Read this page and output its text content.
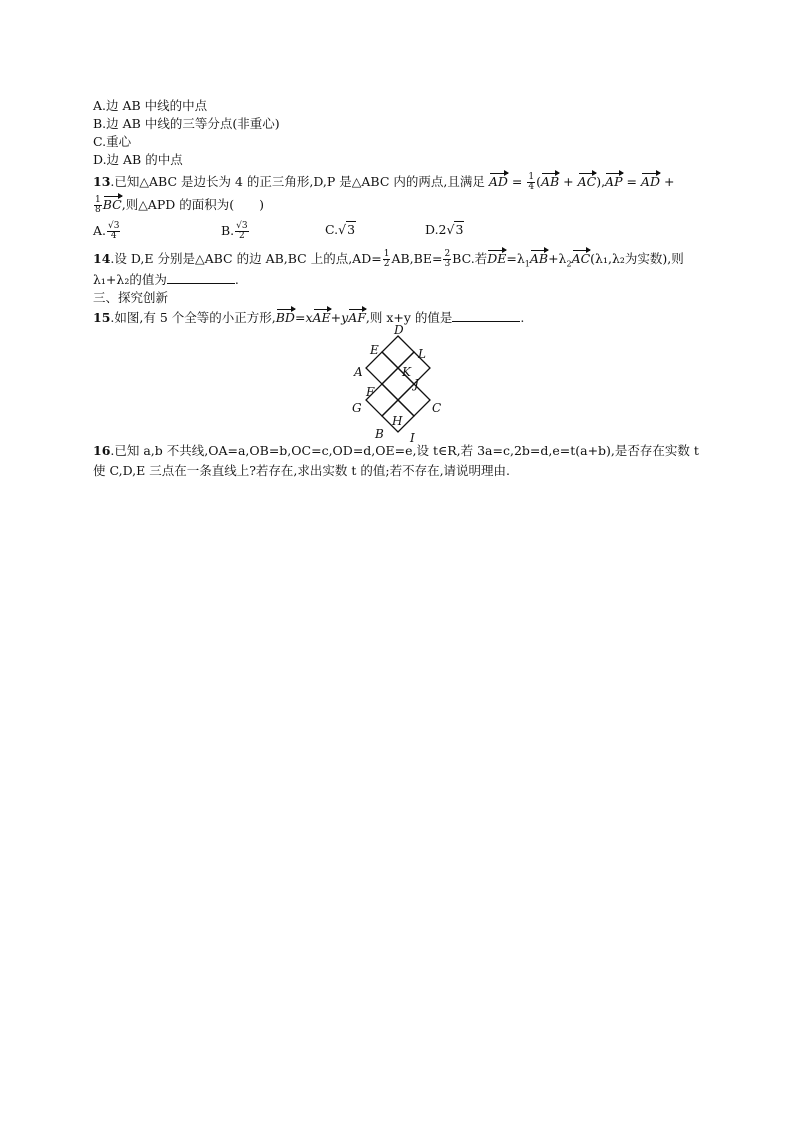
A.边 AB 中线的中点
B.边 AB 中线的三等分点(非重心)
C.重心
D.边 AB 的中点
13.已知△ABC 是边长为 4 的正三角形,D,P 是△ABC 内的两点,且满足 AD = $\frac{1}{4} (AB + AC),AP$ = AD +
$\frac{1}{8}$ BC,则△APD 的面积为(　　)
A. $\frac{√3}{4}$	B. $\frac{√3}{2}$	C.√3	D.2√3
14.设 D,E 分别是△ABC 的边 AB,BC 上的点$,AD= \frac{1}{2} AB,BE= \frac{2}{3}$ BC.若$DE=\lambda_1AB+\lambda_2AC(\lambda_1,\lambda_2$为实数),则
λ₁+λ₂的值为	.
三、探究创新
15.如图,有 5 个全等的小正方形,BD=xAE+yAF,则 x+y 的值是	.
D
E	L
A	K
J
F
G
H
C
B I
16.已知 a,b 不共线,OA=a,OB=b,OC=c,OD=d,OE=e,设 t∈R,若 3a=c,2b=d,e=t(a+b),是否存在实数 t
使 C,D,E 三点在一条直线上?若存在,求出实数 t 的值;若不存在,请说明理由.
